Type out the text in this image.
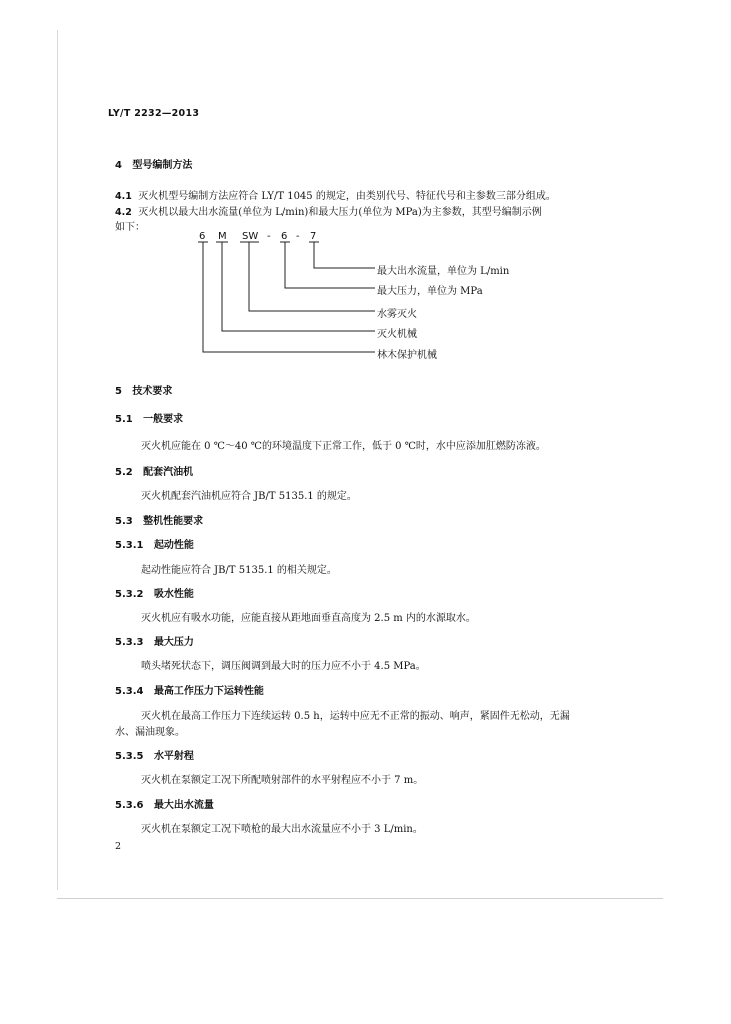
LY/T 2232—2013
4 型号编制方法
4.1 灭火机型号编制方法应符合 LY/T 1045 的规定，由类别代号、特征代号和主参数三部分组成。
4.2 灭火机以最大出水流量(单位为 L/min)和最大压力(单位为 MPa)为主参数，其型号编制示例
如下：
6 M SW - 6 - 7
最大出水流量，单位为 L/min
最大压力，单位为 MPa
水雾灭火
灭火机械
林木保护机械
5 技术要求
5.1 一般要求
灭火机应能在 0 ℃～40 ℃的环境温度下正常工作，低于 0 ℃时，水中应添加肛燃防冻液。
5.2 配套汽油机
灭火机配套汽油机应符合 JB/T 5135.1 的规定。
5.3 整机性能要求
5.3.1 起动性能
起动性能应符合 JB/T 5135.1 的相关规定。
5.3.2 吸水性能
灭火机应有吸水功能，应能直接从距地面垂直高度为 2.5 m 内的水源取水。
5.3.3 最大压力
喷头堵死状态下，调压阀调到最大时的压力应不小于 4.5 MPa。
5.3.4 最高工作压力下运转性能
灭火机在最高工作压力下连续运转 0.5 h，运转中应无不正常的振动、响声，紧固件无松动，无漏
水、漏油现象。
5.3.5 水平射程
灭火机在泵额定工况下所配喷射部件的水平射程应不小于 7 m。
5.3.6 最大出水流量
灭火机在泵额定工况下喷枪的最大出水流量应不小于 3 L/min。
2
